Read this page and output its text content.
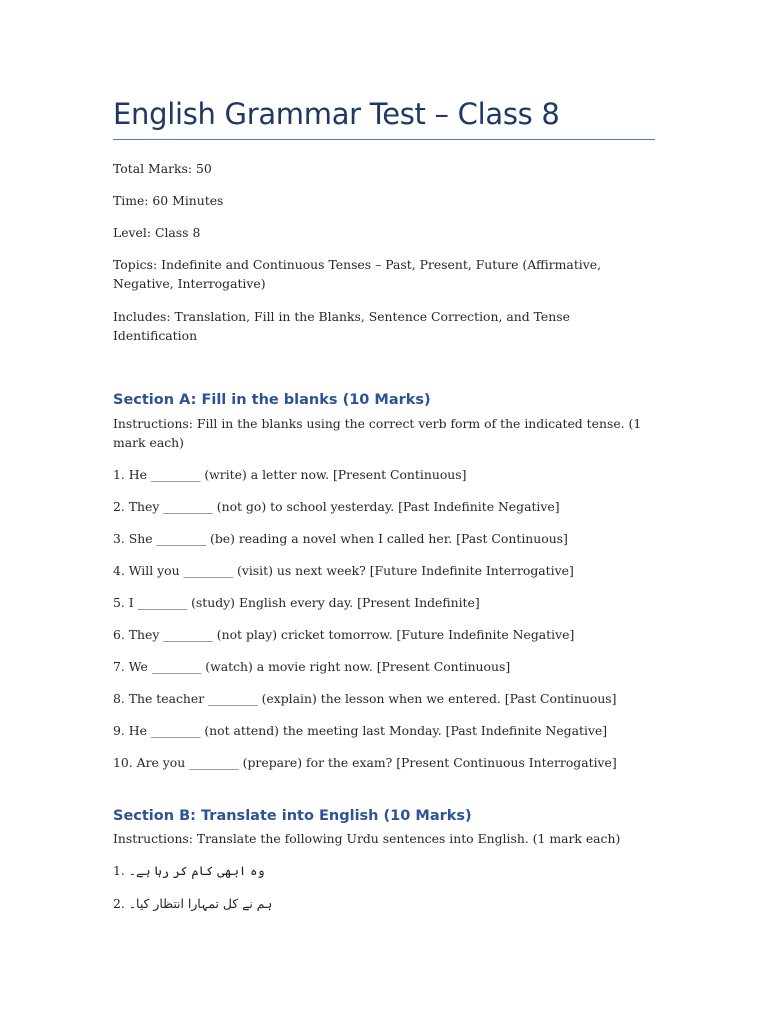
English Grammar Test – Class 8
Total Marks: 50
Time: 60 Minutes
Level: Class 8
Topics: Indefinite and Continuous Tenses – Past, Present, Future (Affirmative, Negative, Interrogative)
Includes: Translation, Fill in the Blanks, Sentence Correction, and Tense Identification
Section A: Fill in the blanks (10 Marks)
Instructions: Fill in the blanks using the correct verb form of the indicated tense. (1 mark each)
1. He ________ (write) a letter now. [Present Continuous]
2. They ________ (not go) to school yesterday. [Past Indefinite Negative]
3. She ________ (be) reading a novel when I called her. [Past Continuous]
4. Will you ________ (visit) us next week? [Future Indefinite Interrogative]
5. I ________ (study) English every day. [Present Indefinite]
6. They ________ (not play) cricket tomorrow. [Future Indefinite Negative]
7. We ________ (watch) a movie right now. [Present Continuous]
8. The teacher ________ (explain) the lesson when we entered. [Past Continuous]
9. He ________ (not attend) the meeting last Monday. [Past Indefinite Negative]
10. Are you ________ (prepare) for the exam? [Present Continuous Interrogative]
Section B: Translate into English (10 Marks)
Instructions: Translate the following Urdu sentences into English. (1 mark each)
1. وہ ابھی کام کر رہا ہے۔
2. ہم نے کل تمہارا انتظار کیا۔
